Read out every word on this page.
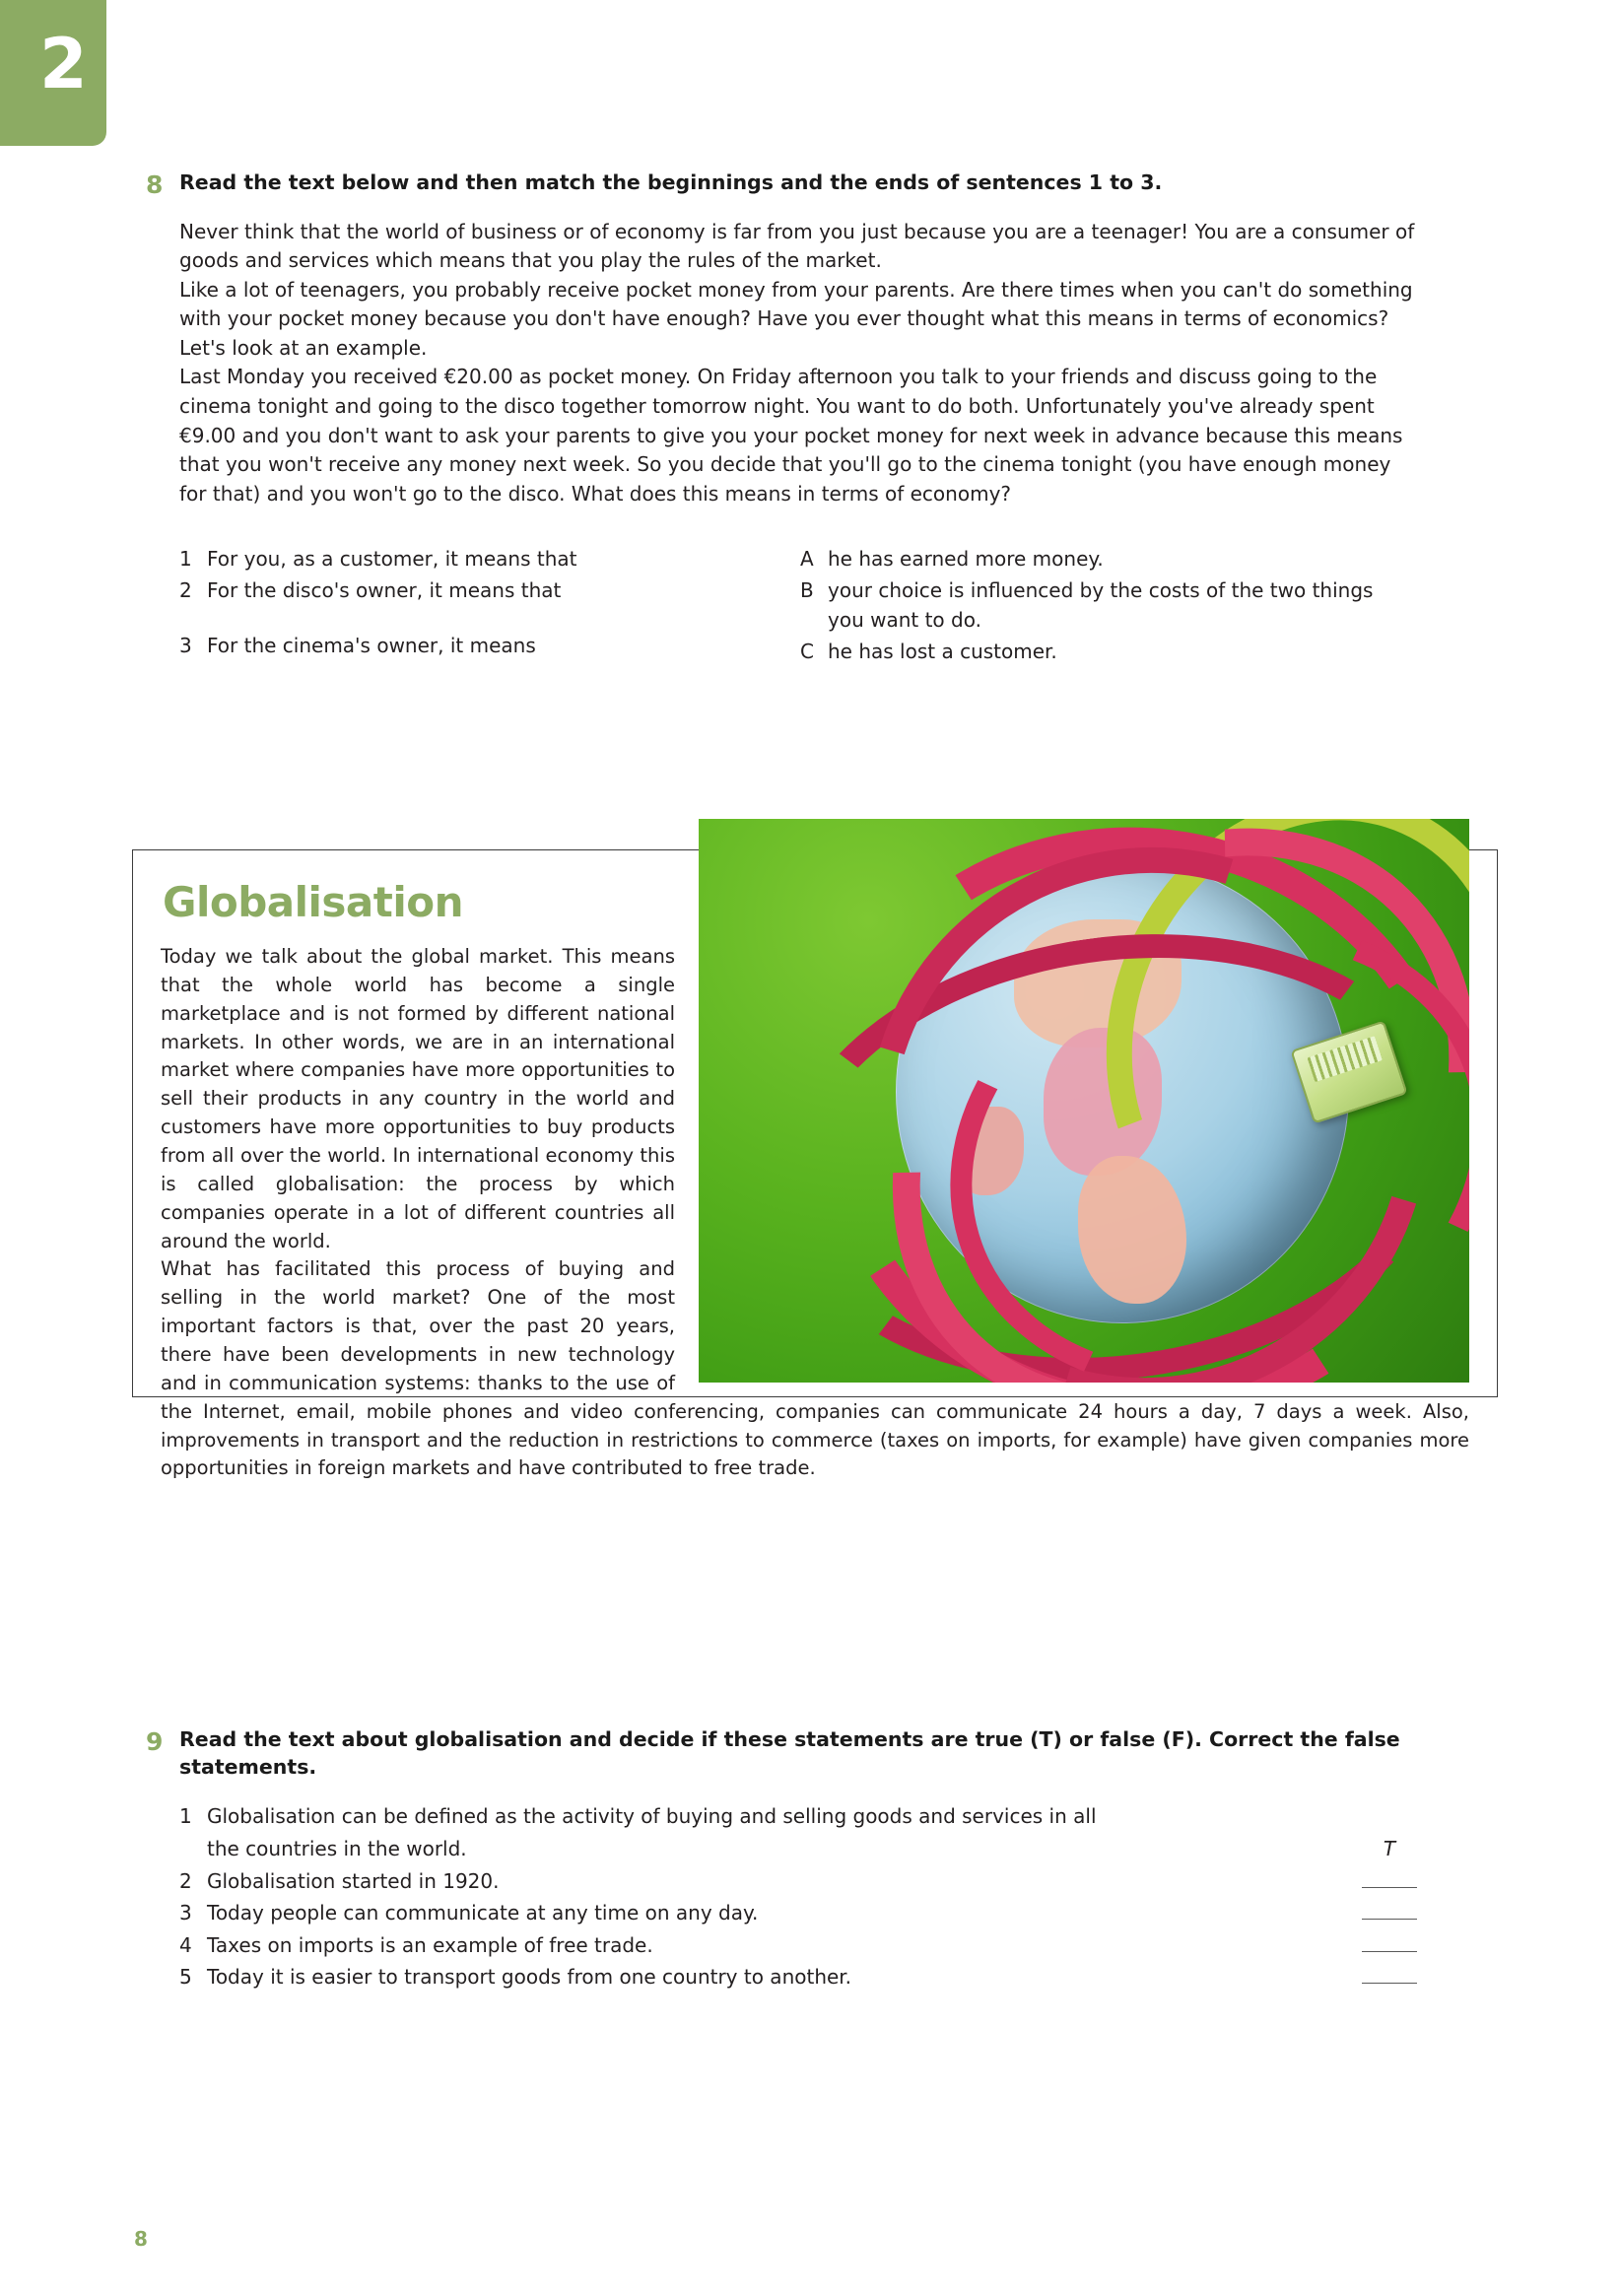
2
8 Read the text below and then match the beginnings and the ends of sentences 1 to 3.

Never think that the world of business or of economy is far from you just because you are a teenager! You are a consumer of goods and services which means that you play the rules of the market.

Like a lot of teenagers, you probably receive pocket money from your parents. Are there times when you can't do something with your pocket money because you don't have enough? Have you ever thought what this means in terms of economics? Let's look at an example.

Last Monday you received €20.00 as pocket money. On Friday afternoon you talk to your friends and discuss going to the cinema tonight and going to the disco together tomorrow night. You want to do both. Unfortunately you've already spent €9.00 and you don't want to ask your parents to give you your pocket money for next week in advance because this means that you won't receive any money next week. So you decide that you'll go to the cinema tonight (you have enough money for that) and you won't go to the disco. What does this means in terms of economy?

1 For you, as a customer, it means that
2 For the disco's owner, it means that
3 For the cinema's owner, it means
A he has earned more money.
B your choice is influenced by the costs of the two things you want to do.
C he has lost a customer.
Globalisation

Today we talk about the global market. This means that the whole world has become a single marketplace and is not formed by different national markets. In other words, we are in an international market where companies have more opportunities to sell their products in any country in the world and customers have more opportunities to buy products from all over the world. In international economy this is called globalisation: the process by which companies operate in a lot of different countries all around the world.

What has facilitated this process of buying and selling in the world market? One of the most important factors is that, over the past 20 years, there have been developments in new technology and in communication systems: thanks to the use of the Internet, email, mobile phones and video conferencing, companies can communicate 24 hours a day, 7 days a week. Also, improvements in transport and the reduction in restrictions to commerce (taxes on imports, for example) have given companies more opportunities in foreign markets and have contributed to free trade.

9 Read the text about globalisation and decide if these statements are true (T) or false (F). Correct the false statements.
1 Globalisation can be defined as the activity of buying and selling goods and services in all
the countries in the world.	T
2 Globalisation started in 1920.
3 Today people can communicate at any time on any day.
4 Taxes on imports is an example of free trade.
5 Today it is easier to transport goods from one country to another.
8
